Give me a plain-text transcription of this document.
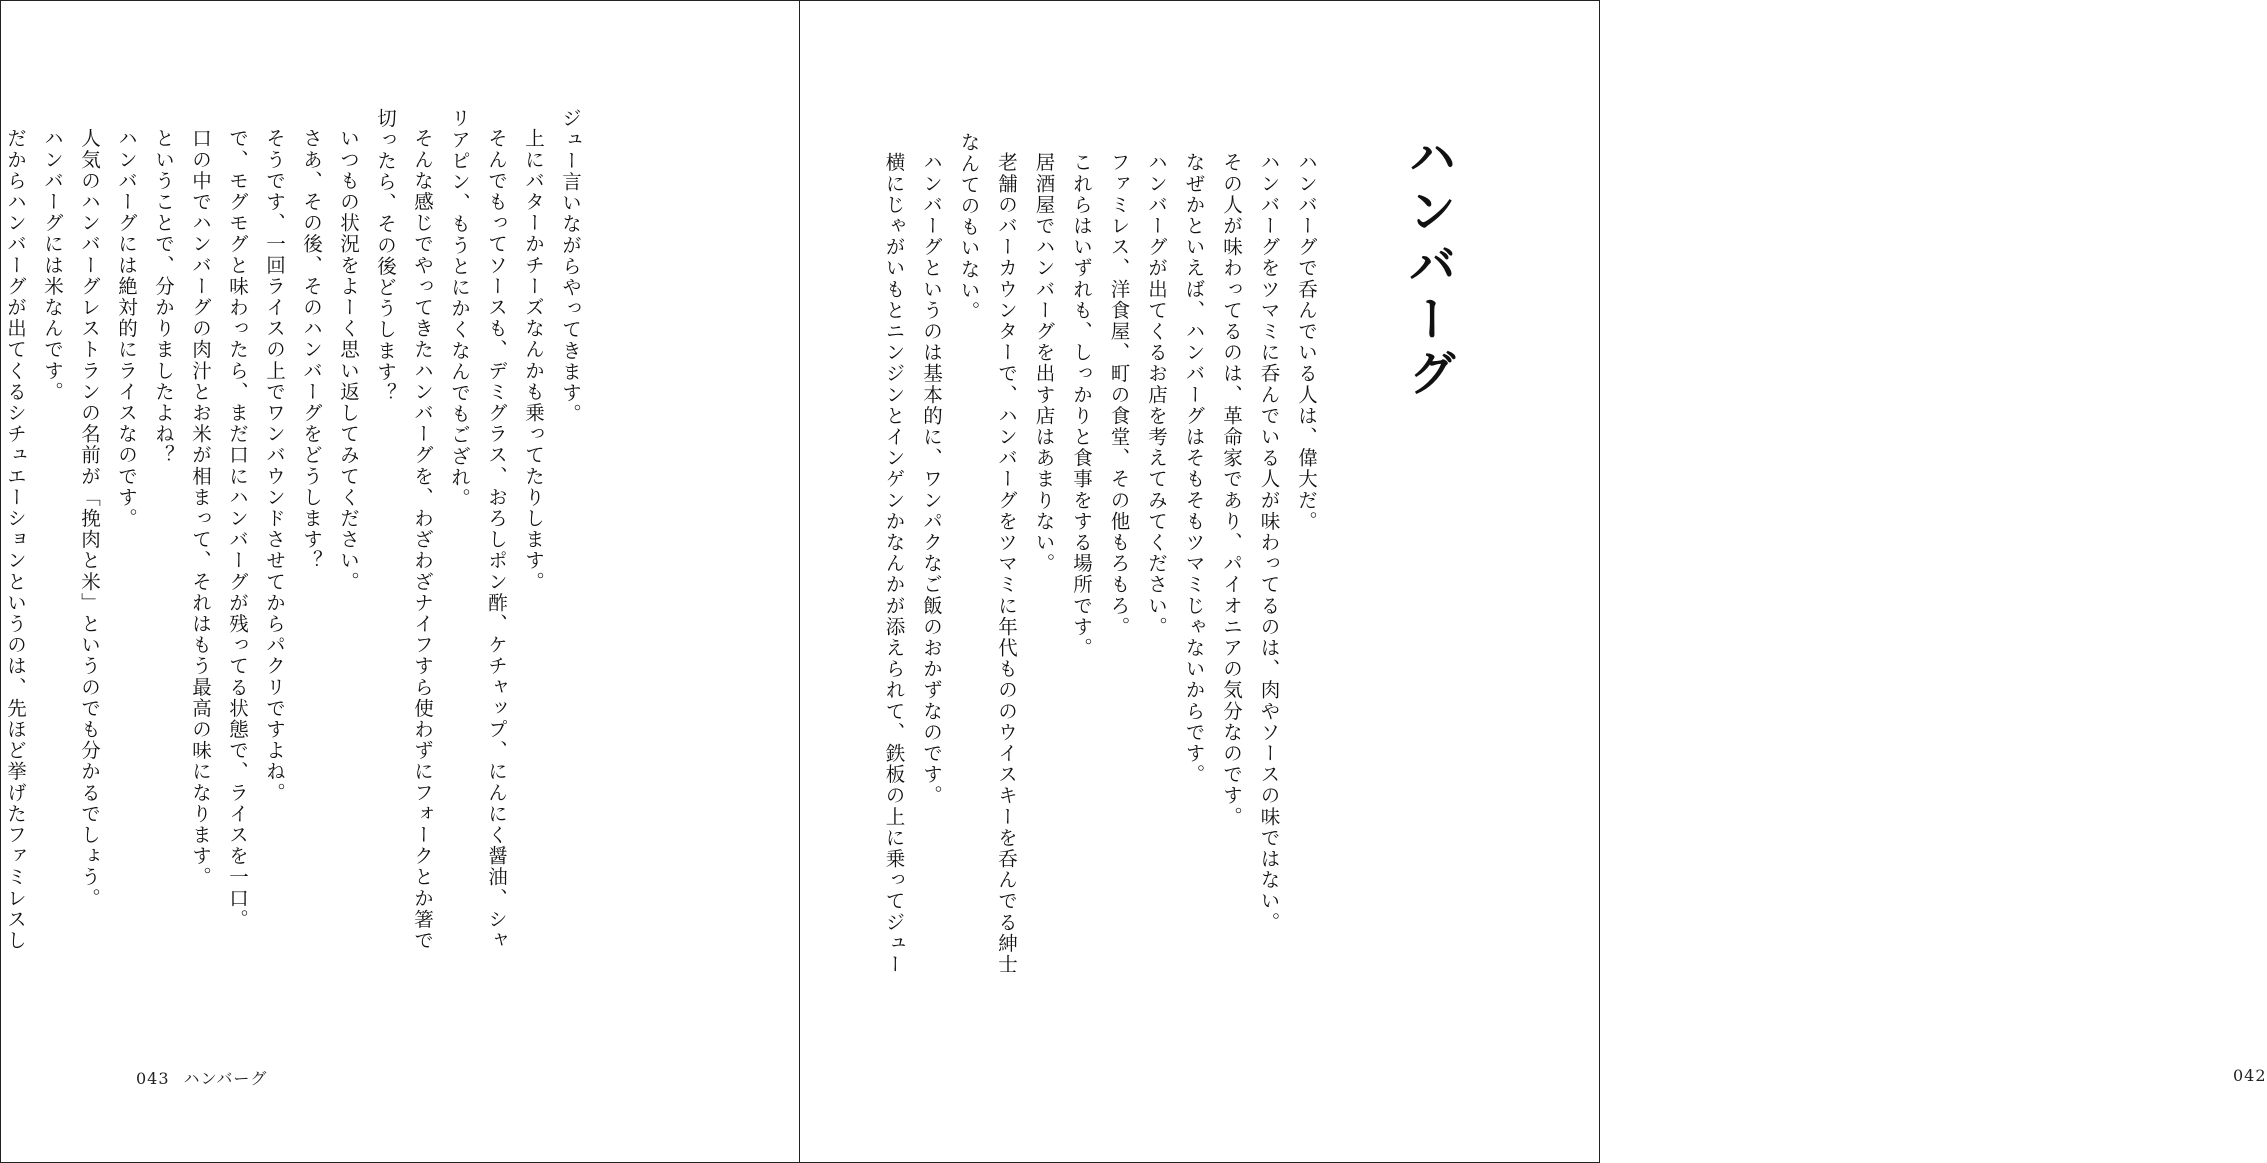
ジュー言いながらやってきます。
上にバターかチーズなんかも乗ってたりします。
そんでもってソースも、デミグラス、おろしポン酢、ケチャップ、にんにく醤油、シャ
リアピン、もうとにかくなんでもござれ。
そんな感じでやってきたハンバーグを、わざわざナイフすら使わずにフォークとか箸で
切ったら、その後どうします？
いつもの状況をよーく思い返してみてください。
さあ、その後、そのハンバーグをどうします？
そうです、一回ライスの上でワンバウンドさせてからパクリですよね。
で、モグモグと味わったら、まだ口にハンバーグが残ってる状態で、ライスを一口。
口の中でハンバーグの肉汁とお米が相まって、それはもう最高の味になります。
ということで、分かりましたよね？
ハンバーグには絶対的にライスなのです。
人気のハンバーグレストランの名前が「挽肉と米」というのでも分かるでしょう。
ハンバーグには米なんです。
だからハンバーグが出てくるシチュエーションというのは、先ほど挙げたファミレスし
043 ハンバーグ
ハンバーグ
ハンバーグで呑んでいる人は、偉大だ。
ハンバーグをツマミに呑んでいる人が味わってるのは、肉やソースの味ではない。
その人が味わってるのは、革命家であり、パイオニアの気分なのです。
なぜかといえば、ハンバーグはそもそもツマミじゃないからです。
ハンバーグが出てくるお店を考えてみてください。
ファミレス、洋食屋、町の食堂、その他もろもろ。
これらはいずれも、しっかりと食事をする場所です。
居酒屋でハンバーグを出す店はあまりない。
老舗のバーカウンターで、ハンバーグをツマミに年代もののウイスキーを呑んでる紳士
なんてのもいない。
ハンバーグというのは基本的に、ワンパクなご飯のおかずなのです。
横にじゃがいもとニンジンとインゲンかなんかが添えられて、鉄板の上に乗ってジュー
042
